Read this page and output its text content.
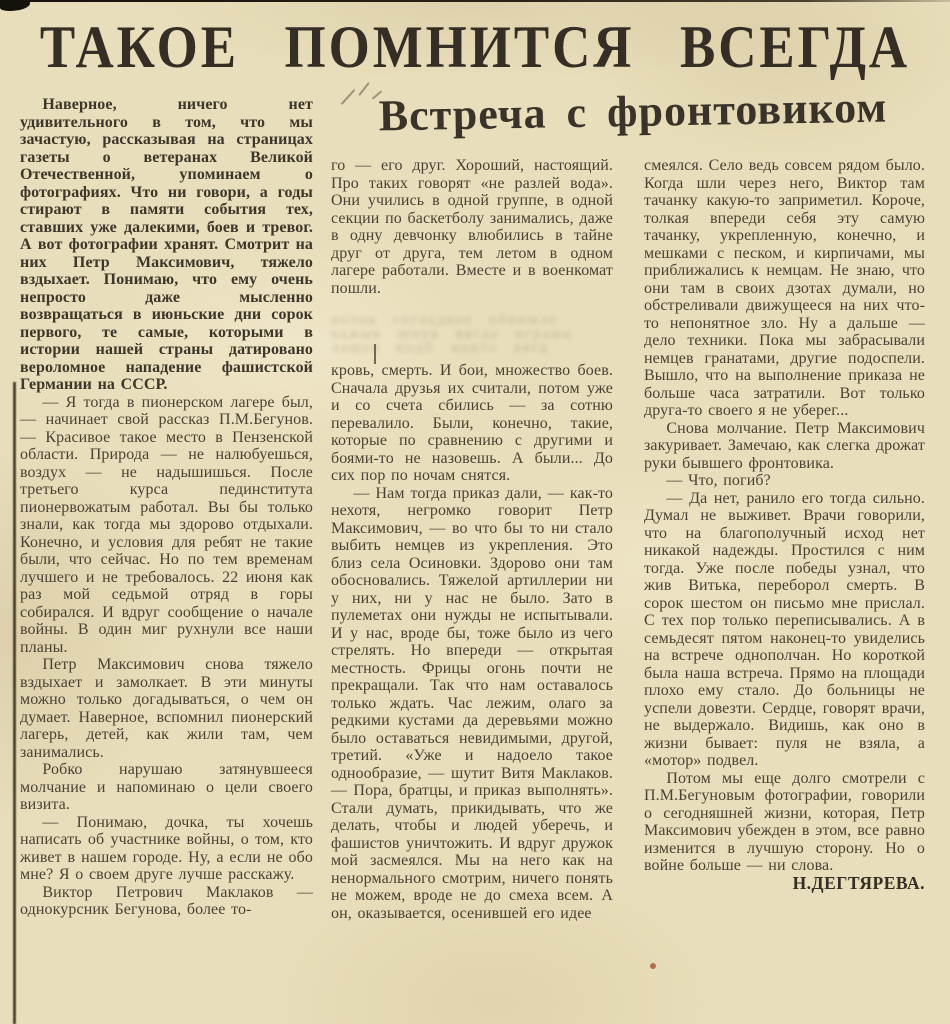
ТАКОЕ ПОМНИТСЯ ВСЕГДА
Встреча с фронтовиком

Наверное, ничего нет удивительного в том, что мы зачастую, рассказывая на страницах газеты о ветеранах Великой Отечественной, упоминаем о фотографиях. Что ни говори, а годы стирают в памяти события тех, ставших уже далекими, боев и тревог. А вот фотографии хранят. Смотрит на них Петр Максимович, тяжело вздыхает. Понимаю, что ему очень непросто даже мысленно возвращаться в июньские дни сорок первого, те самые, которыми в истории нашей страны датировано вероломное нападение фашистской Германии на СССР.

— Я тогда в пионерском лагере был, — начинает свой рассказ П.М.Бегунов. — Красивое такое место в Пензенской области. Природа — не налюбуешься, воздух — не надышишься. После третьего курса пединститута пионервожатым работал. Вы бы только знали, как тогда мы здорово отдыхали. Конечно, и условия для ребят не такие были, что сейчас. Но по тем временам лучшего и не требовалось. 22 июня как раз мой седьмой отряд в горы собирался. И вдруг сообщение о начале войны. В один миг рухнули все наши планы.

Петр Максимович снова тяжело вздыхает и замолкает. В эти минуты можно только догадываться, о чем он думает. Наверное, вспомнил пионерский лагерь, детей, как жили там, чем занимались.

Робко нарушаю затянувшееся молчание и напоминаю о цели своего визита.

— Понимаю, дочка, ты хочешь написать об участнике войны, о том, кто живет в нашем городе. Ну, а если не обо мне? Я о своем друге лучше расскажу.

Виктор Петрович Маклаков — однокурсник Бегунова, более то-

го — его друг. Хороший, настоящий. Про таких говорят «не разлей вода». Они учились в одной группе, в одной секции по баскетболу занимались, даже в одну девчонку влюбились в тайне друг от друга, тем летом в одном лагере работали. Вместе и в военкомат пошли.

нотов согладкое обнимло
кажыя шнув вягда играми
лашев подб манто вягд

кровь, смерть. И бои, множество боев. Сначала друзья их считали, потом уже и со счета сбились — за сотню перевалило. Были, конечно, такие, которые по сравнению с другими и боями-то не назовешь. А были... До сих пор по ночам снятся.

— Нам тогда приказ дали, — как-то нехотя, негромко говорит Петр Максимович, — во что бы то ни стало выбить немцев из укрепления. Это близ села Осиновки. Здорово они там обосновались. Тяжелой артиллерии ни у них, ни у нас не было. Зато в пулеметах они нужды не испытывали. И у нас, вроде бы, тоже было из чего стрелять. Но впереди — открытая местность. Фрицы огонь почти не прекращали. Так что нам оставалось только ждать. Час лежим, олаго за редкими кустами да деревьями можно было оставаться невидимыми, другой, третий. «Уже и надоело такое однообразие, — шутит Витя Маклаков. — Пора, братцы, и приказ выполнять». Стали думать, прикидывать, что же делать, чтобы и людей уберечь, и фашистов уничтожить. И вдруг дружок мой засмеялся. Мы на него как на ненормального смотрим, ничего понять не можем, вроде не до смеха всем. А он, оказывается, осенившей его идее

смеялся. Село ведь совсем рядом было. Когда шли через него, Виктор там тачанку какую-то заприметил. Короче, толкая впереди себя эту самую тачанку, укрепленную, конечно, и мешками с песком, и кирпичами, мы приближались к немцам. Не знаю, что они там в своих дзотах думали, но обстреливали движущееся на них что-то непонятное зло. Ну а дальше — дело техники. Пока мы забрасывали немцев гранатами, другие подоспели. Вышло, что на выполнение приказа не больше часа затратили. Вот только друга-то своего я не уберег...

Снова молчание. Петр Максимович закуривает. Замечаю, как слегка дрожат руки бывшего фронтовика.

— Что, погиб?

— Да нет, ранило его тогда сильно. Думал не выживет. Врачи говорили, что на благополучный исход нет никакой надежды. Простился с ним тогда. Уже после победы узнал, что жив Витька, переборол смерть. В сорок шестом он письмо мне прислал. С тех пор только переписывались. А в семьдесят пятом наконец-то увиделись на встрече однополчан. Но короткой была наша встреча. Прямо на площади плохо ему стало. До больницы не успели довезти. Сердце, говорят врачи, не выдержало. Видишь, как оно в жизни бывает: пуля не взяла, а «мотор» подвел.

Потом мы еще долго смотрели с П.М.Бегуновым фотографии, говорили о сегодняшней жизни, которая, Петр Максимович убежден в этом, все равно изменится в лучшую сторону. Но о войне больше — ни слова.

Н.ДЕГТЯРЕВА.
